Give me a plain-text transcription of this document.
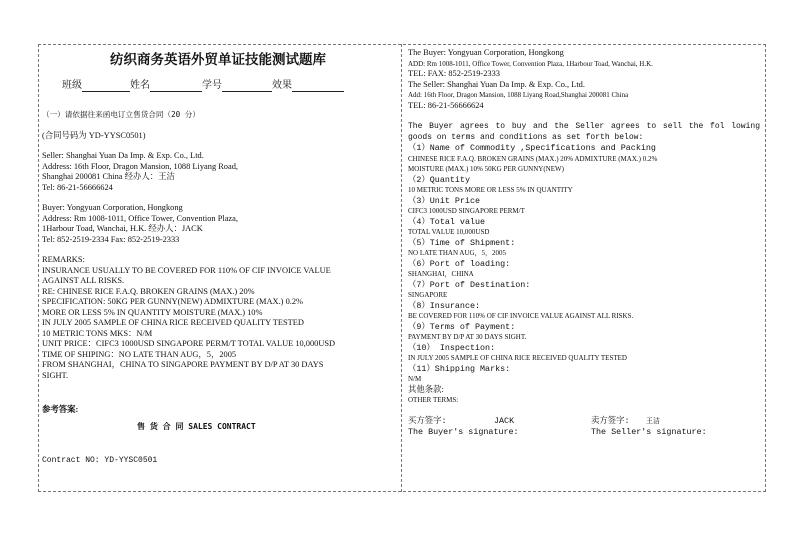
纺织商务英语外贸单证技能测试题库
班级	姓名	学号	效果
（一）请依据往来函电订立售货合同（20 分）
(合同号码为 YD-YYSC0501)
Seller: Shanghai Yuan Da Imp. & Exp. Co., Ltd.
Address: 16th Floor, Dragon Mansion, 1088 Liyang Road,
Shanghai 200081 China 经办人：王洁
Tel: 86-21-56666624
Buyer: Yongyuan Corporation, Hongkong
Address: Rm 1008-1011, Office Tower, Convention Plaza,
1Harbour Toad, Wanchai, H.K. 经办人：JACK
Tel: 852-2519-2334 Fax: 852-2519-2333
REMARKS:
INSURANCE USUALLY TO BE COVERED FOR 110% OF CIF INVOICE VALUE
AGAINST ALL RISKS.
RE: CHINESE RICE F.A.Q. BROKEN GRAINS (MAX.) 20%
SPECIFICATION: 50KG PER GUNNY(NEW) ADMIXTURE (MAX.) 0.2%
MORE OR LESS 5% IN QUANTITY MOISTURE (MAX.) 10%
IN JULY 2005 SAMPLE OF CHINA RICE RECEIVED QUALITY TESTED
10 METRIC TONS MKS：N/M
UNIT PRICE：CIFC3 1000USD SINGAPORE PERM/T TOTAL VALUE 10,000USD
TIME OF SHIPING：NO LATE THAN AUG，5，2005
FROM SHANGHAI，CHINA TO SINGAPORE PAYMENT BY D/P AT 30 DAYS
SIGHT.
参考答案:
售 货 合 同 SALES CONTRACT
Contract NO: YD-YYSC0501
The Buyer: Yongyuan Corporation, Hongkong
ADD: Rm 1008-1011, Office Tower, Convention Plaza, 1Harbour Toad, Wanchai, H.K.
TEL: FAX: 852-2519-2333
The Seller: Shanghai Yuan Da Imp. & Exp. Co., Ltd.
Add: 16th Floor, Dragon Mansion, 1088 Liyang Road,Shanghai 200081 China
TEL: 86-21-56666624
The Buyer agrees to buy and the Seller agrees to sell the fol lowing goods on terms and conditions as set forth below:
（1）Name of Commodity ,Specifications and Packing
CHINESE RICE F.A.Q. BROKEN GRAINS (MAX.) 20% ADMIXTURE (MAX.) 0.2%
MOISTURE (MAX.) 10% 50KG PER GUNNY(NEW)
（2）Quantity
10 METRIC TONS MORE OR LESS 5% IN QUANTITY
（3）Unit Price
CIFC3 1000USD SINGAPORE PERM/T
（4）Total value
TOTAL VALUE 10,000USD
（5）Time of Shipment:
NO LATE THAN AUG，5，2005
（6）Port of loading:
SHANGHAI，CHINA
（7）Port of Destination:
SINGAPORE
（8）Insurance:
BE COVERED FOR 110% OF CIF INVOICE VALUE AGAINST ALL RISKS.
（9）Terms of Payment:
PAYMENT BY D/P AT 30 DAYS SIGHT.
（10） Inspection:
IN JULY 2005 SAMPLE OF CHINA RICE RECEIVED QUALITY TESTED
（11）Shipping Marks:
N/M
其他条款:
OTHER TERMS:
买方签字:	JACK	卖方签字: 王洁
The Buyer's signature:	The Seller's signature:
